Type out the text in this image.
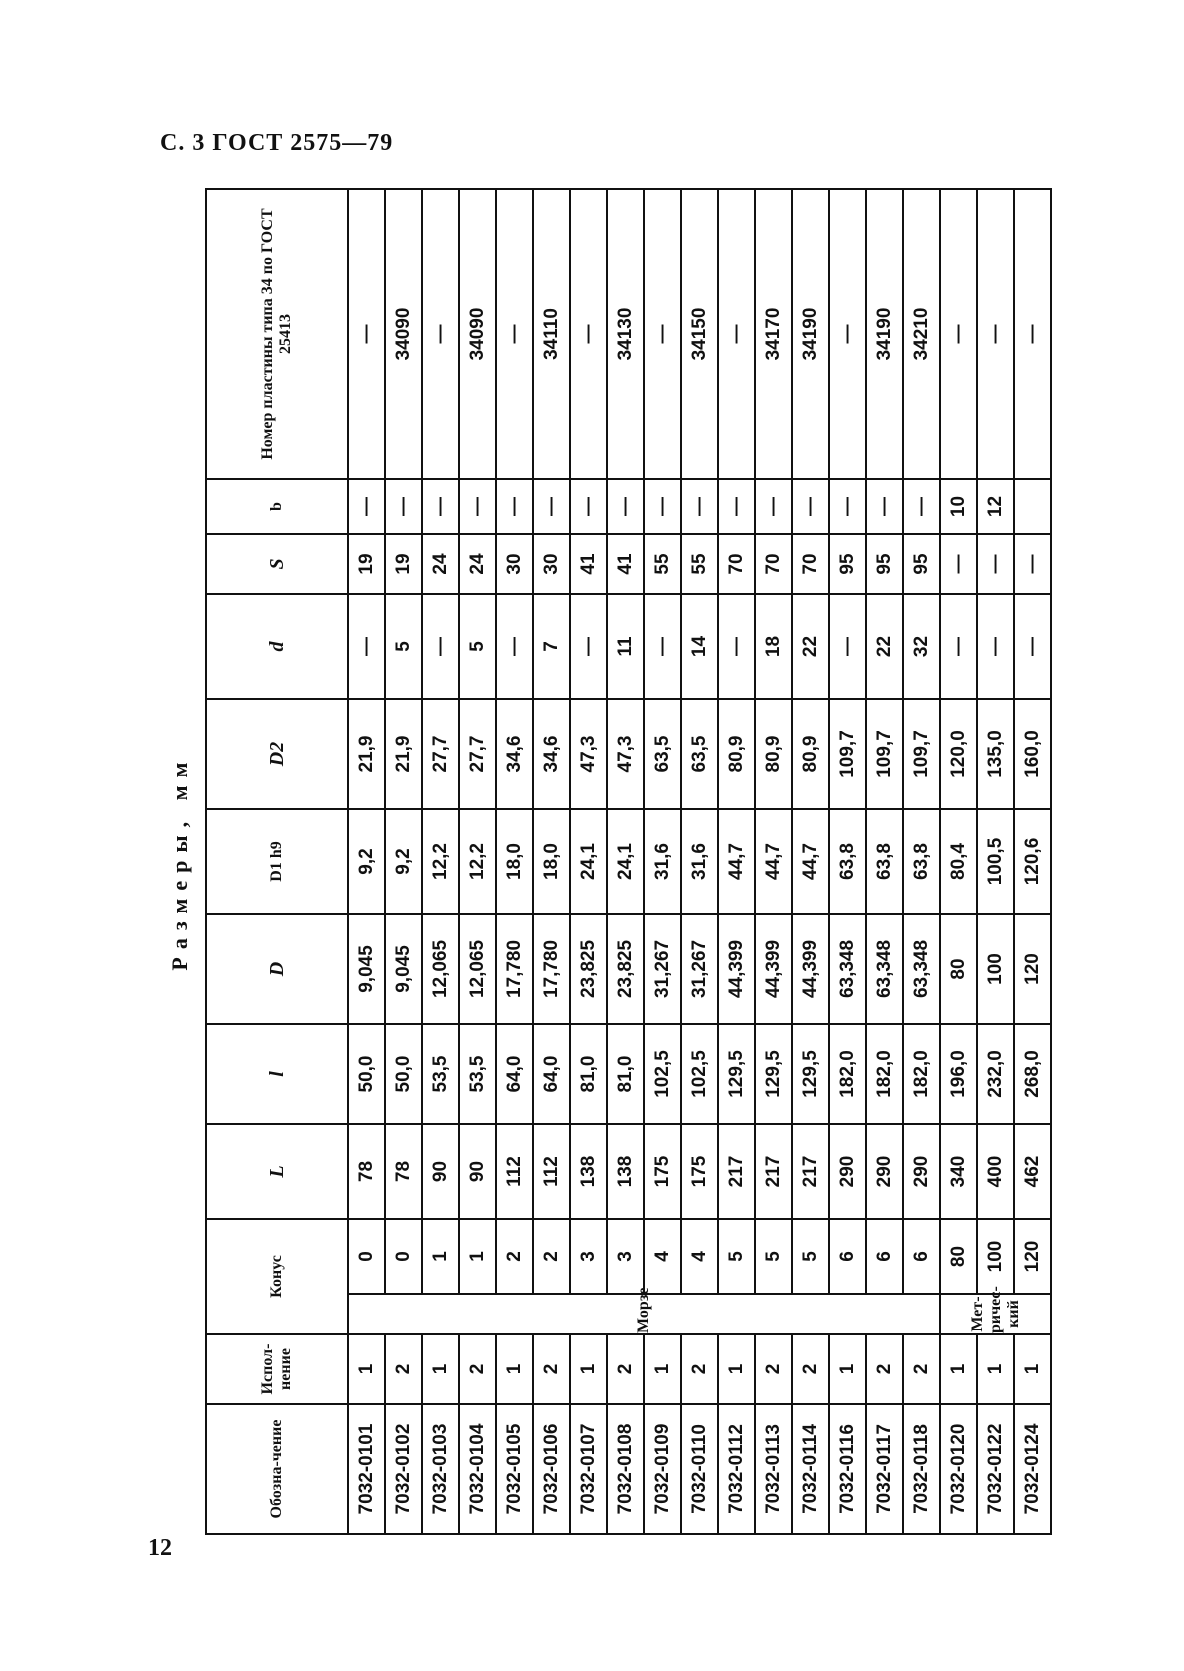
С. 3 ГОСТ 2575—79
Размеры, мм
Обозна-чение	Испол-нение	Конус		L	l	D	D1 h9	D2	d	S	b	Номер пластины типа 34 по ГОСТ 25413
7032-0101	1	Морзе	0	78	50,0	9,045	9,2	21,9	—	19	—	—
7032-0102	2		0	78	50,0	9,045	9,2	21,9	5	19	—	34090
7032-0103	1		1	90	53,5	12,065	12,2	27,7	—	24	—	—
7032-0104	2		1	90	53,5	12,065	12,2	27,7	5	24	—	34090
7032-0105	1		2	112	64,0	17,780	18,0	34,6	—	30	—	—
7032-0106	2		2	112	64,0	17,780	18,0	34,6	7	30	—	34110
7032-0107	1		3	138	81,0	23,825	24,1	47,3	—	41	—	—
7032-0108	2		3	138	81,0	23,825	24,1	47,3	11	41	—	34130
7032-0109	1		4	175	102,5	31,267	31,6	63,5	—	55	—	—
7032-0110	2		4	175	102,5	31,267	31,6	63,5	14	55	—	34150
7032-0112	1		5	217	129,5	44,399	44,7	80,9	—	70	—	—
7032-0113	2		5	217	129,5	44,399	44,7	80,9	18	70	—	34170
7032-0114	2		5	217	129,5	44,399	44,7	80,9	22	70	—	34190
7032-0116	1		6	290	182,0	63,348	63,8	109,7	—	95	—	—
7032-0117	2		6	290	182,0	63,348	63,8	109,7	22	95	—	34190
7032-0118	2		6	290	182,0	63,348	63,8	109,7	32	95	—	34210
7032-0120	1	Мет-ричес-кий	80	340	196,0	80	80,4	120,0	—	—	10	—
7032-0122	1		100	400	232,0	100	100,5	135,0	—	—	12	—
7032-0124	1		120	462	268,0	120	120,6	160,0	—	—		—
12
